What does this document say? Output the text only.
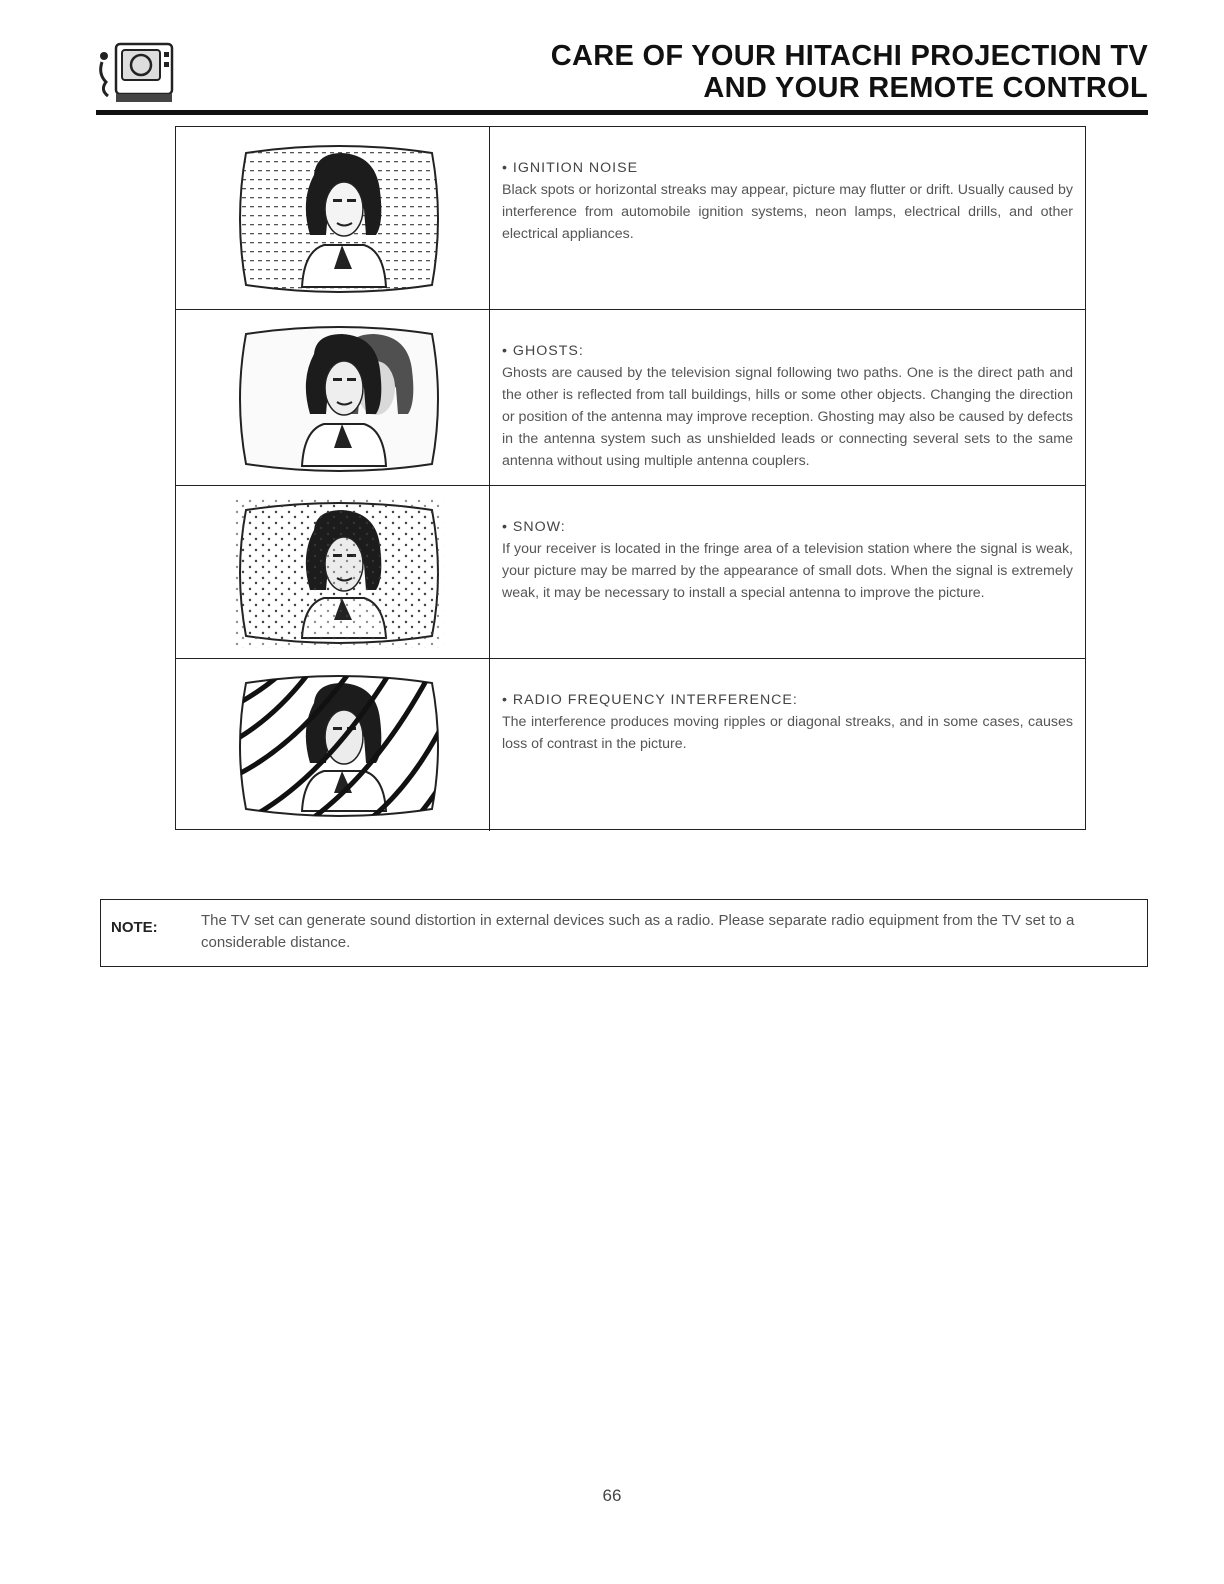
CARE OF YOUR HITACHI PROJECTION TV
AND YOUR REMOTE CONTROL
• IGNITION NOISE
Black spots or horizontal streaks may appear, picture may flutter or drift. Usually caused by interference from automobile ignition systems, neon lamps, electrical drills, and other electrical appliances.
• GHOSTS:
Ghosts are caused by the television signal following two paths. One is the direct path and the other is reflected from tall buildings, hills or some other objects. Changing the direction or position of the antenna may improve reception. Ghosting may also be caused by defects in the antenna system such as unshielded leads or connecting several sets to the same antenna without using multiple antenna couplers.
• SNOW:
If your receiver is located in the fringe area of a television station where the signal is weak, your picture may be marred by the appearance of small dots. When the signal is extremely weak, it may be necessary to install a special antenna to improve the picture.
• RADIO FREQUENCY INTERFERENCE:
The interference produces moving ripples or diagonal streaks, and in some cases, causes loss of contrast in the picture.
NOTE:	The TV set can generate sound distortion in external devices such as a radio. Please separate radio equipment from the TV set to a considerable distance.
66
